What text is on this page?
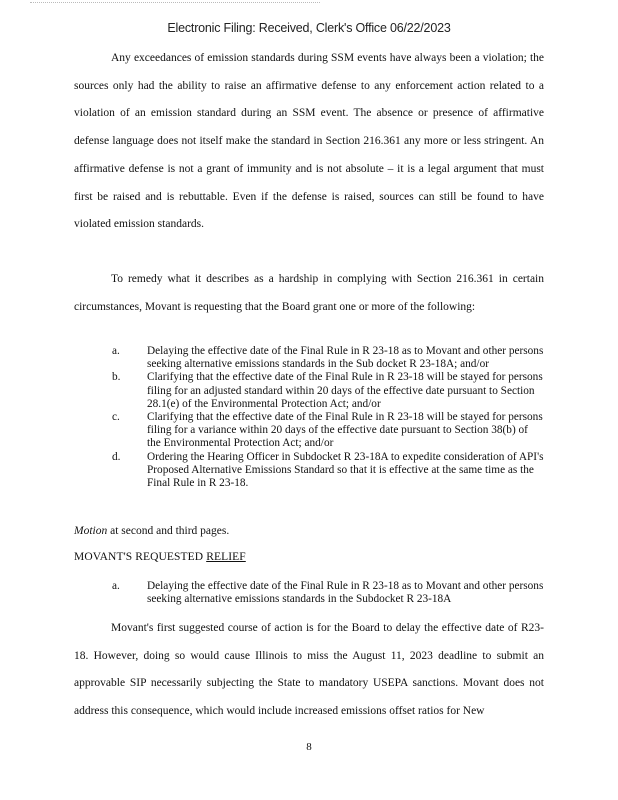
Electronic Filing: Received, Clerk's Office 06/22/2023

Any exceedances of emission standards during SSM events have always been a violation; the sources only had the ability to raise an affirmative defense to any enforcement action related to a violation of an emission standard during an SSM event. The absence or presence of affirmative defense language does not itself make the standard in Section 216.361 any more or less stringent. An affirmative defense is not a grant of immunity and is not absolute – it is a legal argument that must first be raised and is rebuttable. Even if the defense is raised, sources can still be found to have violated emission standards.

To remedy what it describes as a hardship in complying with Section 216.361 in certain circumstances, Movant is requesting that the Board grant one or more of the following:

a. Delaying the effective date of the Final Rule in R 23-18 as to Movant and other persons seeking alternative emissions standards in the Sub docket R 23-18A; and/or
b. Clarifying that the effective date of the Final Rule in R 23-18 will be stayed for persons filing for an adjusted standard within 20 days of the effective date pursuant to Section 28.1(e) of the Environmental Protection Act; and/or
c. Clarifying that the effective date of the Final Rule in R 23-18 will be stayed for persons filing for a variance within 20 days of the effective date pursuant to Section 38(b) of the Environmental Protection Act; and/or
d. Ordering the Hearing Officer in Subdocket R 23-18A to expedite consideration of API's Proposed Alternative Emissions Standard so that it is effective at the same time as the Final Rule in R 23-18.
Motion at second and third pages.
MOVANT'S REQUESTED RELIEF
a. Delaying the effective date of the Final Rule in R 23-18 as to Movant and other persons seeking alternative emissions standards in the Subdocket R 23-18A

Movant's first suggested course of action is for the Board to delay the effective date of R23-18. However, doing so would cause Illinois to miss the August 11, 2023 deadline to submit an approvable SIP necessarily subjecting the State to mandatory USEPA sanctions. Movant does not address this consequence, which would include increased emissions offset ratios for New

8
